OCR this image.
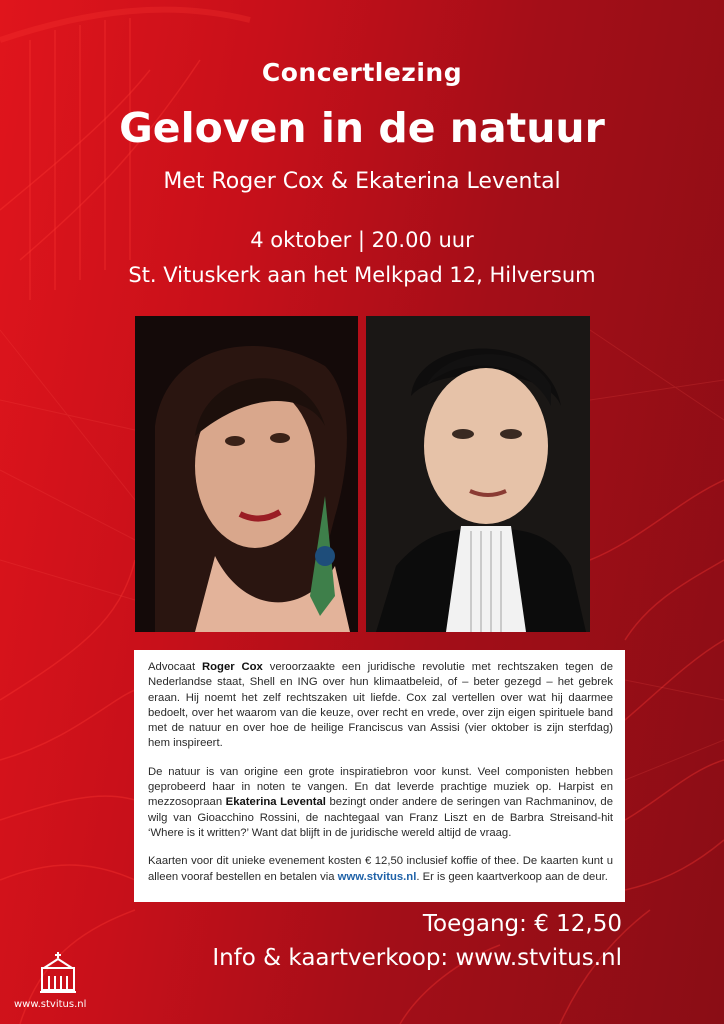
Concertlezing
Geloven in de natuur
Met Roger Cox & Ekaterina Levental
4 oktober | 20.00 uur
St. Vituskerk aan het Melkpad 12, Hilversum

Advocaat Roger Cox veroorzaakte een juridische revolutie met rechtszaken tegen de Nederlandse staat, Shell en ING over hun klimaatbeleid, of – beter gezegd – het gebrek eraan. Hij noemt het zelf rechtszaken uit liefde. Cox zal vertellen over wat hij daarmee bedoelt, over het waarom van die keuze, over recht en vrede, over zijn eigen spirituele band met de natuur en over hoe de heilige Franciscus van Assisi (vier oktober is zijn sterfdag) hem inspireert.

De natuur is van origine een grote inspiratiebron voor kunst. Veel componisten hebben geprobeerd haar in noten te vangen. En dat leverde prachtige muziek op. Harpist en mezzosopraan Ekaterina Levental bezingt onder andere de seringen van Rachmaninov, de wilg van Gioacchino Rossini, de nachtegaal van Franz Liszt en de Barbra Streisand-hit ‘Where is it written?’ Want dat blijft in de juridische wereld altijd de vraag.

Kaarten voor dit unieke evenement kosten € 12,50 inclusief koffie of thee. De kaarten kunt u alleen vooraf bestellen en betalen via www.stvitus.nl. Er is geen kaartverkoop aan de deur.

Toegang: € 12,50
Info & kaartverkoop: www.stvitus.nl
www.stvitus.nl
